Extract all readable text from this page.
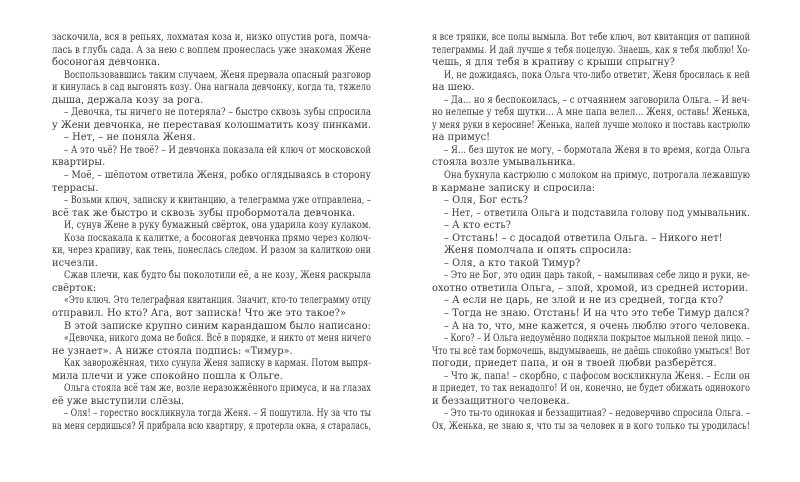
заскочила, вся в репьях, лохматая коза и, низко опустив рога, помча-
лась в глубь сада. А за нею с воплем пронеслась уже знакомая Жене
босоногая девчонка.
Воспользовавшись таким случаем, Женя прервала опасный разговор
и кинулась в сад выгонять козу. Она нагнала девчонку, когда та, тяжело
дыша, держала козу за рога.
– Девочка, ты ничего не потеряла? – быстро сквозь зубы спросила
у Жени девчонка, не переставая колошматить козу пинками.
– Нет, – не поняла Женя.
– А это чьё? Не твоё? – И девчонка показала ей ключ от московской
квартиры.
– Моё, – шёпотом ответила Женя, робко оглядываясь в сторону
террасы.
– Возьми ключ, записку и квитанцию, а телеграмма уже отправлена, –
всё так же быстро и сквозь зубы пробормотала девчонка.
И, сунув Жене в руку бумажный свёрток, она ударила козу кулаком.
Коза поскакала к калитке, а босоногая девчонка прямо через колюч-
ки, через крапиву, как тень, понеслась следом. И разом за калиткою они
исчезли.
Сжав плечи, как будто бы поколотили её, а не козу, Женя раскрыла
свёрток:
«Это ключ. Это телеграфная квитанция. Значит, кто-то телеграмму отцу
отправил. Но кто? Ага, вот записка! Что же это такое?»
В этой записке крупно синим карандашом было написано:
«Девочка, никого дома не бойся. Всё в порядке, и никто от меня ничего
не узнает». А ниже стояла подпись: «Тимур».
Как заворожённая, тихо сунула Женя записку в карман. Потом выпря-
мила плечи и уже спокойно пошла к Ольге.
Ольга стояла всё там же, возле неразожжённого примуса, и на глазах
её уже выступили слёзы.
– Оля! – горестно воскликнула тогда Женя. – Я пошутила. Ну за что ты
на меня сердишься? Я прибрала всю квартиру, я протерла окна, я старалась,
я все тряпки, все полы вымыла. Вот тебе ключ, вот квитанция от папиной
телеграммы. И дай лучше я тебя поцелую. Знаешь, как я тебя люблю! Хо-
чешь, я для тебя в крапиву с крыши спрыгну?
И, не дожидаясь, пока Ольга что-либо ответит, Женя бросилась к ней
на шею.
– Да... но я беспокоилась, – с отчаянием заговорила Ольга. – И веч-
но нелепые у тебя шутки... А мне папа велел... Женя, оставь! Женька,
у меня руки в керосине! Женька, налей лучше молоко и поставь кастрюлю
на примус!
– Я... без шуток не могу, – бормотала Женя в то время, когда Ольга
стояла возле умывальника.
Она бухнула кастрюлю с молоком на примус, потрогала лежавшую
в кармане записку и спросила:
– Оля, Бог есть?
– Нет, – ответила Ольга и подставила голову под умывальник.
– А кто есть?
– Отстань! – с досадой ответила Ольга. – Никого нет!
Женя помолчала и опять спросила:
– Оля, а кто такой Тимур?
– Это не Бог, это один царь такой, – намыливая себе лицо и руки, не-
охотно ответила Ольга, – злой, хромой, из средней истории.
– А если не царь, не злой и не из средней, тогда кто?
– Тогда не знаю. Отстань! И на что это тебе Тимур дался?
– А на то, что, мне кажется, я очень люблю этого человека.
– Кого? – И Ольга недоумённо подняла покрытое мыльной пеной лицо. –
Что ты всё там бормочешь, выдумываешь, не даёшь спокойно умыться! Вот
погоди, приедет папа, и он в твоей любви разберётся.
– Что ж, папа! – скорбно, с пафосом воскликнула Женя. – Если он
и приедет, то так ненадолго! И он, конечно, не будет обижать одинокого
и беззащитного человека.
– Это ты-то одинокая и беззащитная? – недоверчиво спросила Ольга. –
Ох, Женька, не знаю я, что ты за человек и в кого только ты уродилась!
